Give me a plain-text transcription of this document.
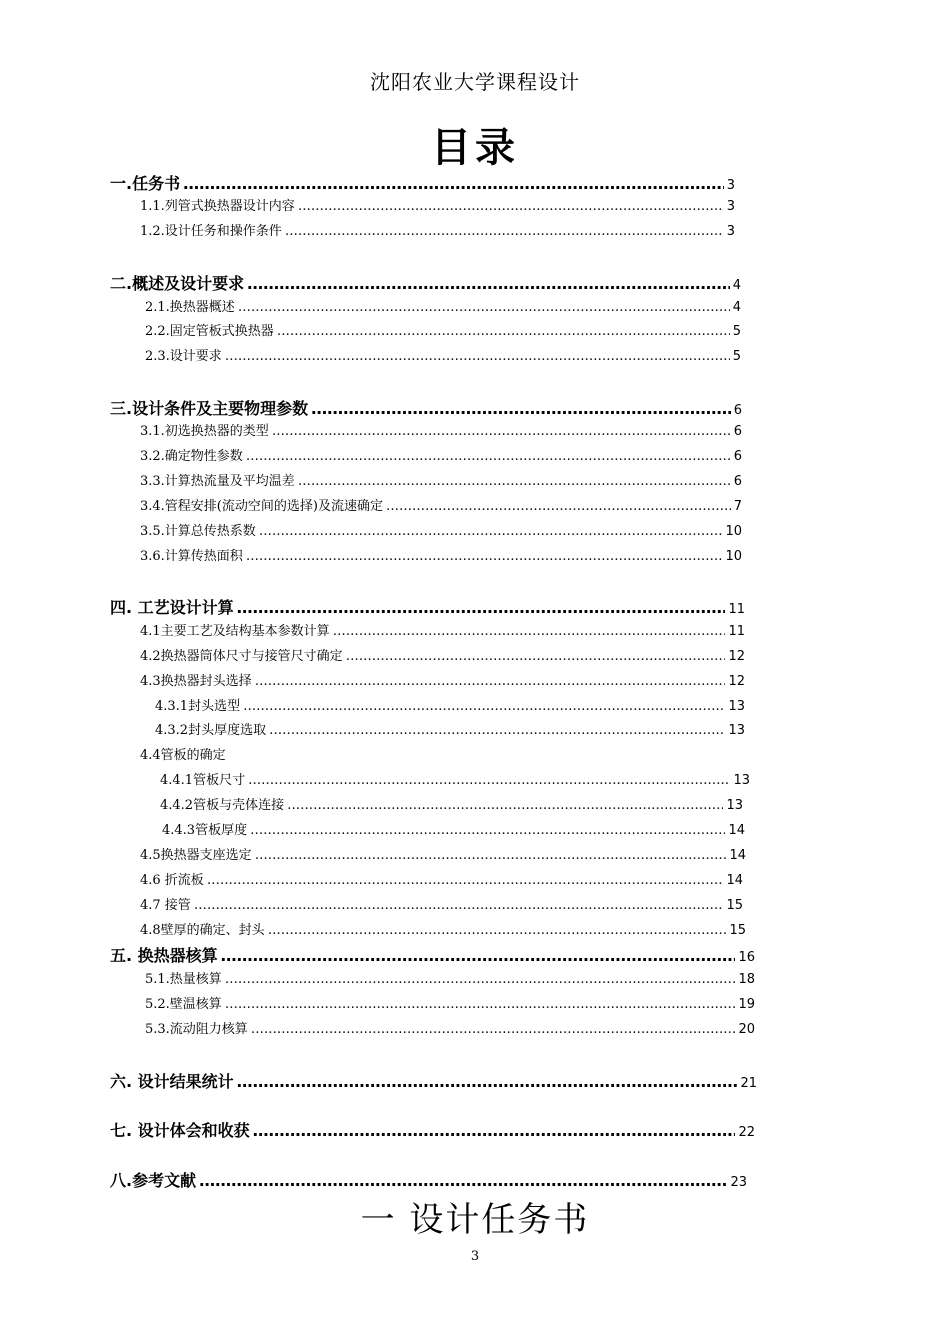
沈阳农业大学课程设计
目录
一.任务书 …………………………………………………………………………………………………………………………………………………………………………………………………………………………	3
1.1.列管式换热器设计内容 …………………………………………………………………………………………………………………………………………………………………………………………………………………………	3
1.2.设计任务和操作条件 …………………………………………………………………………………………………………………………………………………………………………………………………………………………	3
二.概述及设计要求 …………………………………………………………………………………………………………………………………………………………………………………………………………………………	4
2.1.换热器概述 …………………………………………………………………………………………………………………………………………………………………………………………………………………………	4
2.2.固定管板式换热器 …………………………………………………………………………………………………………………………………………………………………………………………………………………………	5
2.3.设计要求 …………………………………………………………………………………………………………………………………………………………………………………………………………………………	5
三.设计条件及主要物理参数 …………………………………………………………………………………………………………………………………………………………………………………………………………………………	6
3.1.初选换热器的类型 …………………………………………………………………………………………………………………………………………………………………………………………………………………………	6
3.2.确定物性参数 …………………………………………………………………………………………………………………………………………………………………………………………………………………………	6
3.3.计算热流量及平均温差 …………………………………………………………………………………………………………………………………………………………………………………………………………………………	6
3.4.管程安排(流动空间的选择)及流速确定 …………………………………………………………………………………………………………………………………………………………………………………………………………………………	7
3.5.计算总传热系数 …………………………………………………………………………………………………………………………………………………………………………………………………………………………	10
3.6.计算传热面积 …………………………………………………………………………………………………………………………………………………………………………………………………………………………	10
四. 工艺设计计算 …………………………………………………………………………………………………………………………………………………………………………………………………………………………	11
4.1主要工艺及结构基本参数计算 …………………………………………………………………………………………………………………………………………………………………………………………………………………………	11
4.2换热器筒体尺寸与接管尺寸确定 …………………………………………………………………………………………………………………………………………………………………………………………………………………………	12
4.3换热器封头选择 …………………………………………………………………………………………………………………………………………………………………………………………………………………………	12
4.3.1封头选型 …………………………………………………………………………………………………………………………………………………………………………………………………………………………	13
4.3.2封头厚度选取 …………………………………………………………………………………………………………………………………………………………………………………………………………………………	13
4.4管板的确定
4.4.1管板尺寸 …………………………………………………………………………………………………………………………………………………………………………………………………………………………	13
4.4.2管板与壳体连接 …………………………………………………………………………………………………………………………………………………………………………………………………………………………	13
4.4.3管板厚度 …………………………………………………………………………………………………………………………………………………………………………………………………………………………	14
4.5换热器支座选定 …………………………………………………………………………………………………………………………………………………………………………………………………………………………	14
4.6 折流板 …………………………………………………………………………………………………………………………………………………………………………………………………………………………	14
4.7 接管 …………………………………………………………………………………………………………………………………………………………………………………………………………………………	15
4.8壁厚的确定、封头 …………………………………………………………………………………………………………………………………………………………………………………………………………………………	15
五. 换热器核算 …………………………………………………………………………………………………………………………………………………………………………………………………………………………	16
5.1.热量核算 …………………………………………………………………………………………………………………………………………………………………………………………………………………………	18
5.2.壁温核算 …………………………………………………………………………………………………………………………………………………………………………………………………………………………	19
5.3.流动阻力核算 …………………………………………………………………………………………………………………………………………………………………………………………………………………………	20
六. 设计结果统计 …………………………………………………………………………………………………………………………………………………………………………………………………………………………	21
七. 设计体会和收获 …………………………………………………………………………………………………………………………………………………………………………………………………………………………	22
八.参考文献 …………………………………………………………………………………………………………………………………………………………………………………………………………………………	23
一 设计任务书
3
